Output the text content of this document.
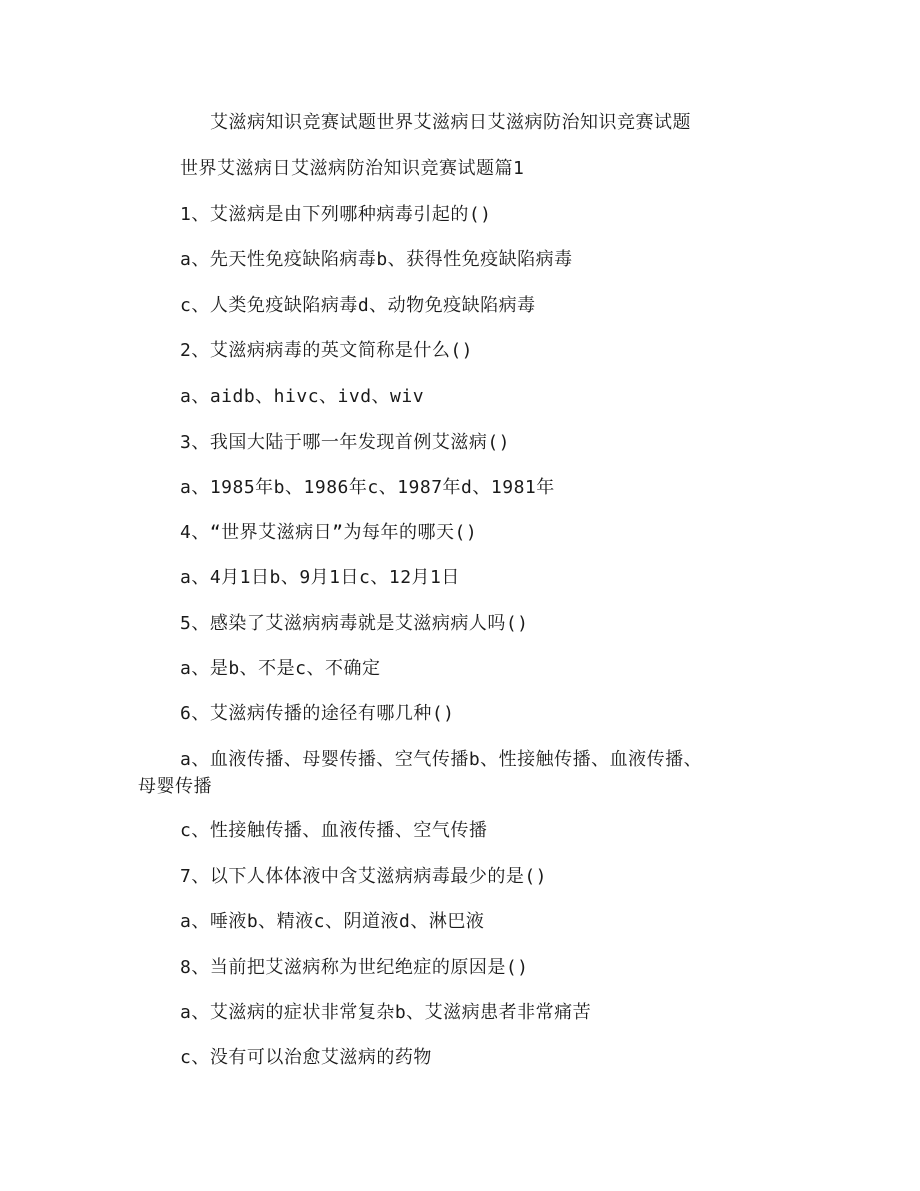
艾滋病知识竞赛试题世界艾滋病日艾滋病防治知识竞赛试题
世界艾滋病日艾滋病防治知识竞赛试题篇1
1、艾滋病是由下列哪种病毒引起的()
a、先天性免疫缺陷病毒b、获得性免疫缺陷病毒
c、人类免疫缺陷病毒d、动物免疫缺陷病毒
2、艾滋病病毒的英文简称是什么()
a、aidb、hivc、ivd、wiv
3、我国大陆于哪一年发现首例艾滋病()
a、1985年b、1986年c、1987年d、1981年
4、“世界艾滋病日”为每年的哪天()
a、4月1日b、9月1日c、12月1日
5、感染了艾滋病病毒就是艾滋病病人吗()
a、是b、不是c、不确定
6、艾滋病传播的途径有哪几种()
a、血液传播、母婴传播、空气传播b、性接触传播、血液传播、
母婴传播
c、性接触传播、血液传播、空气传播
7、以下人体体液中含艾滋病病毒最少的是()
a、唾液b、精液c、阴道液d、淋巴液
8、当前把艾滋病称为世纪绝症的原因是()
a、艾滋病的症状非常复杂b、艾滋病患者非常痛苦
c、没有可以治愈艾滋病的药物
